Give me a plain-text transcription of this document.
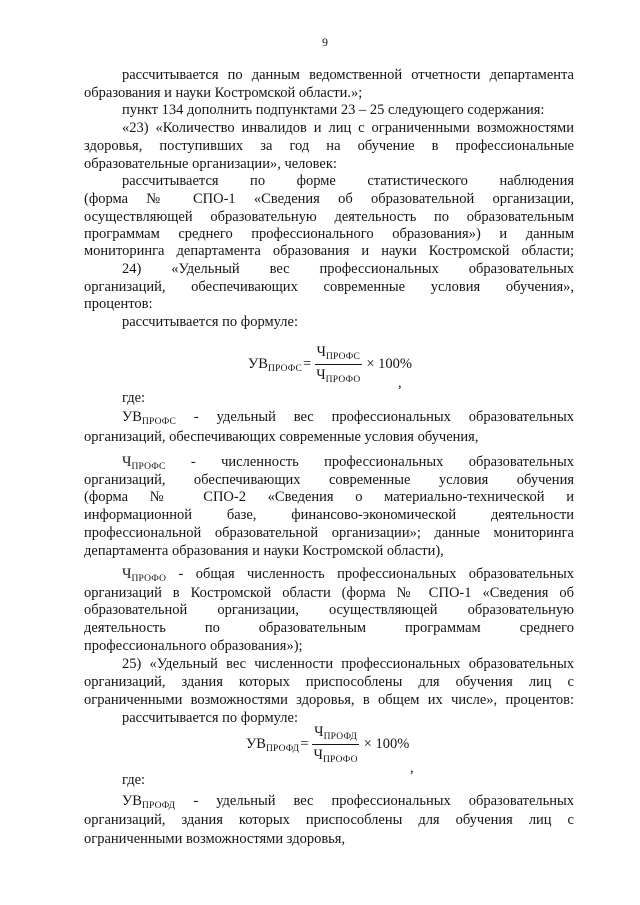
9
рассчитывается по данным ведомственной отчетности департамента
образования и науки Костромской области.»;
пункт 134 дополнить подпунктами 23 – 25 следующего содержания:
«23) «Количество инвалидов и лиц с ограниченными возможностями
здоровья, поступивших за год на обучение в профессиональные
образовательные организации», человек:
рассчитывается по форме статистического наблюдения
(форма № СПО-1 «Сведения об образовательной организации,
осуществляющей образовательную деятельность по образовательным
программам среднего профессионального образования») и данным
мониторинга департамента образования и науки Костромской области;
24) «Удельный вес профессиональных образовательных
организаций, обеспечивающих современные условия обучения»,
процентов:
рассчитывается по формуле:
$УВ_{ПРОФС} = \frac{Ч_{ПРОФС}}{Ч_{ПРОФО}} \times 100\%$
,
где:
$УВ_{ПРОФС}$ - удельный вес профессиональных образовательных
организаций, обеспечивающих современные условия обучения,
$Ч_{ПРОФС}$ - численность профессиональных образовательных
организаций, обеспечивающих современные условия обучения
(форма № СПО-2 «Сведения о материально-технической и
информационной базе, финансово-экономической деятельности
профессиональной образовательной организации»; данные мониторинга
департамента образования и науки Костромской области),
$Ч_{ПРОФО}$ - общая численность профессиональных образовательных
организаций в Костромской области (форма № СПО-1 «Сведения об
образовательной организации, осуществляющей образовательную
деятельность по образовательным программам среднего
профессионального образования»);
25) «Удельный вес численности профессиональных образовательных
организаций, здания которых приспособлены для обучения лиц с
ограниченными возможностями здоровья, в общем их числе», процентов:
рассчитывается по формуле:
$УВ_{ПРОФД} = \frac{Ч_{ПРОФД}}{Ч_{ПРОФО}} \times 100\%$
,
где:
$УВ_{ПРОФД}$ - удельный вес профессиональных образовательных
организаций, здания которых приспособлены для обучения лиц с
ограниченными возможностями здоровья,
